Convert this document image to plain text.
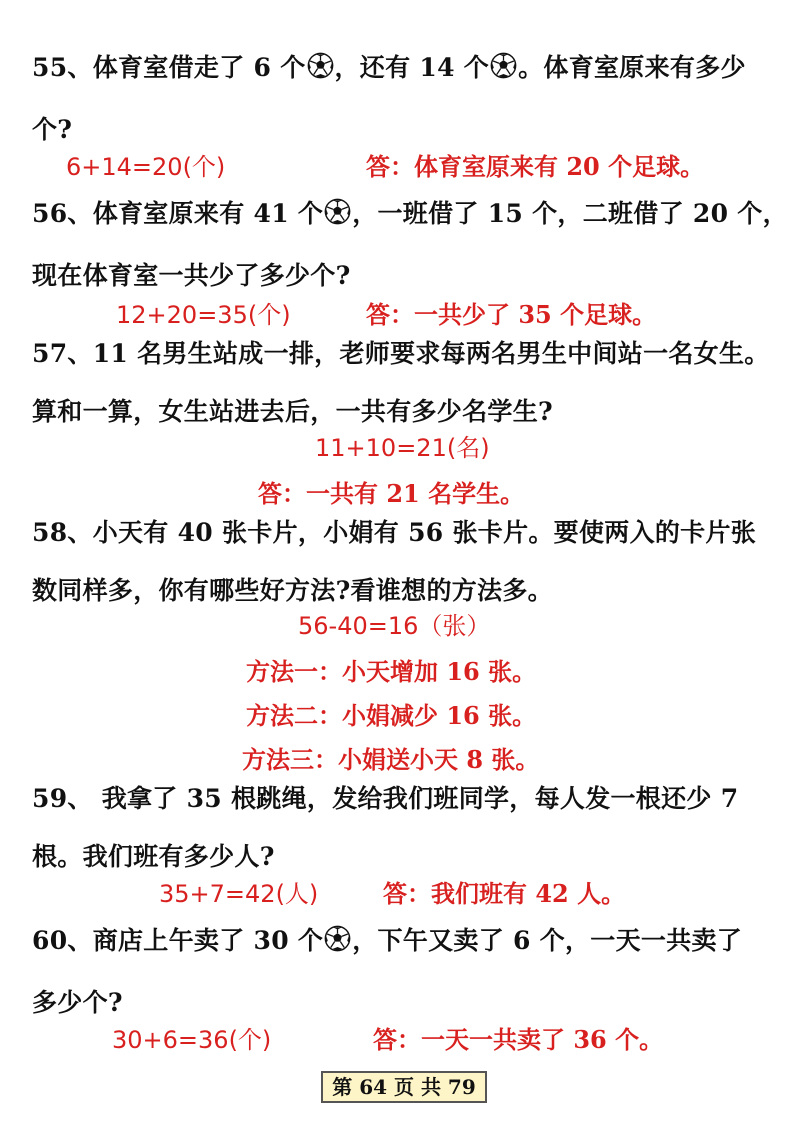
55、体育室借走了 6 个 ，还有 14 个 。体育室原来有多少
个?
6+14=20(个)	答：体育室原来有 20 个足球。
56、体育室原来有 41 个 ，一班借了 15 个，二班借了 20 个，
现在体育室一共少了多少个?
12+20=35(个)	答：一共少了 35 个足球。
57、11 名男生站成一排，老师要求每两名男生中间站一名女生。
算和一算，女生站进去后，一共有多少名学生?
11+10=21(名)
答：一共有 21 名学生。
58、小天有 40 张卡片，小娟有 56 张卡片。要使两入的卡片张
数同样多，你有哪些好方法?看谁想的方法多。
56-40=16（张）
方法一：小天增加 16 张。
方法二：小娟减少 16 张。
方法三：小娟送小天 8 张。
59、 我拿了 35 根跳绳，发给我们班同学，每人发一根还少 7
根。我们班有多少人?
35+7=42(人)	答：我们班有 42 人。
60、商店上午卖了 30 个 ，下午又卖了 6 个，一天一共卖了
多少个?
30+6=36(个)	答：一天一共卖了 36 个。
第 64 页 共 79
